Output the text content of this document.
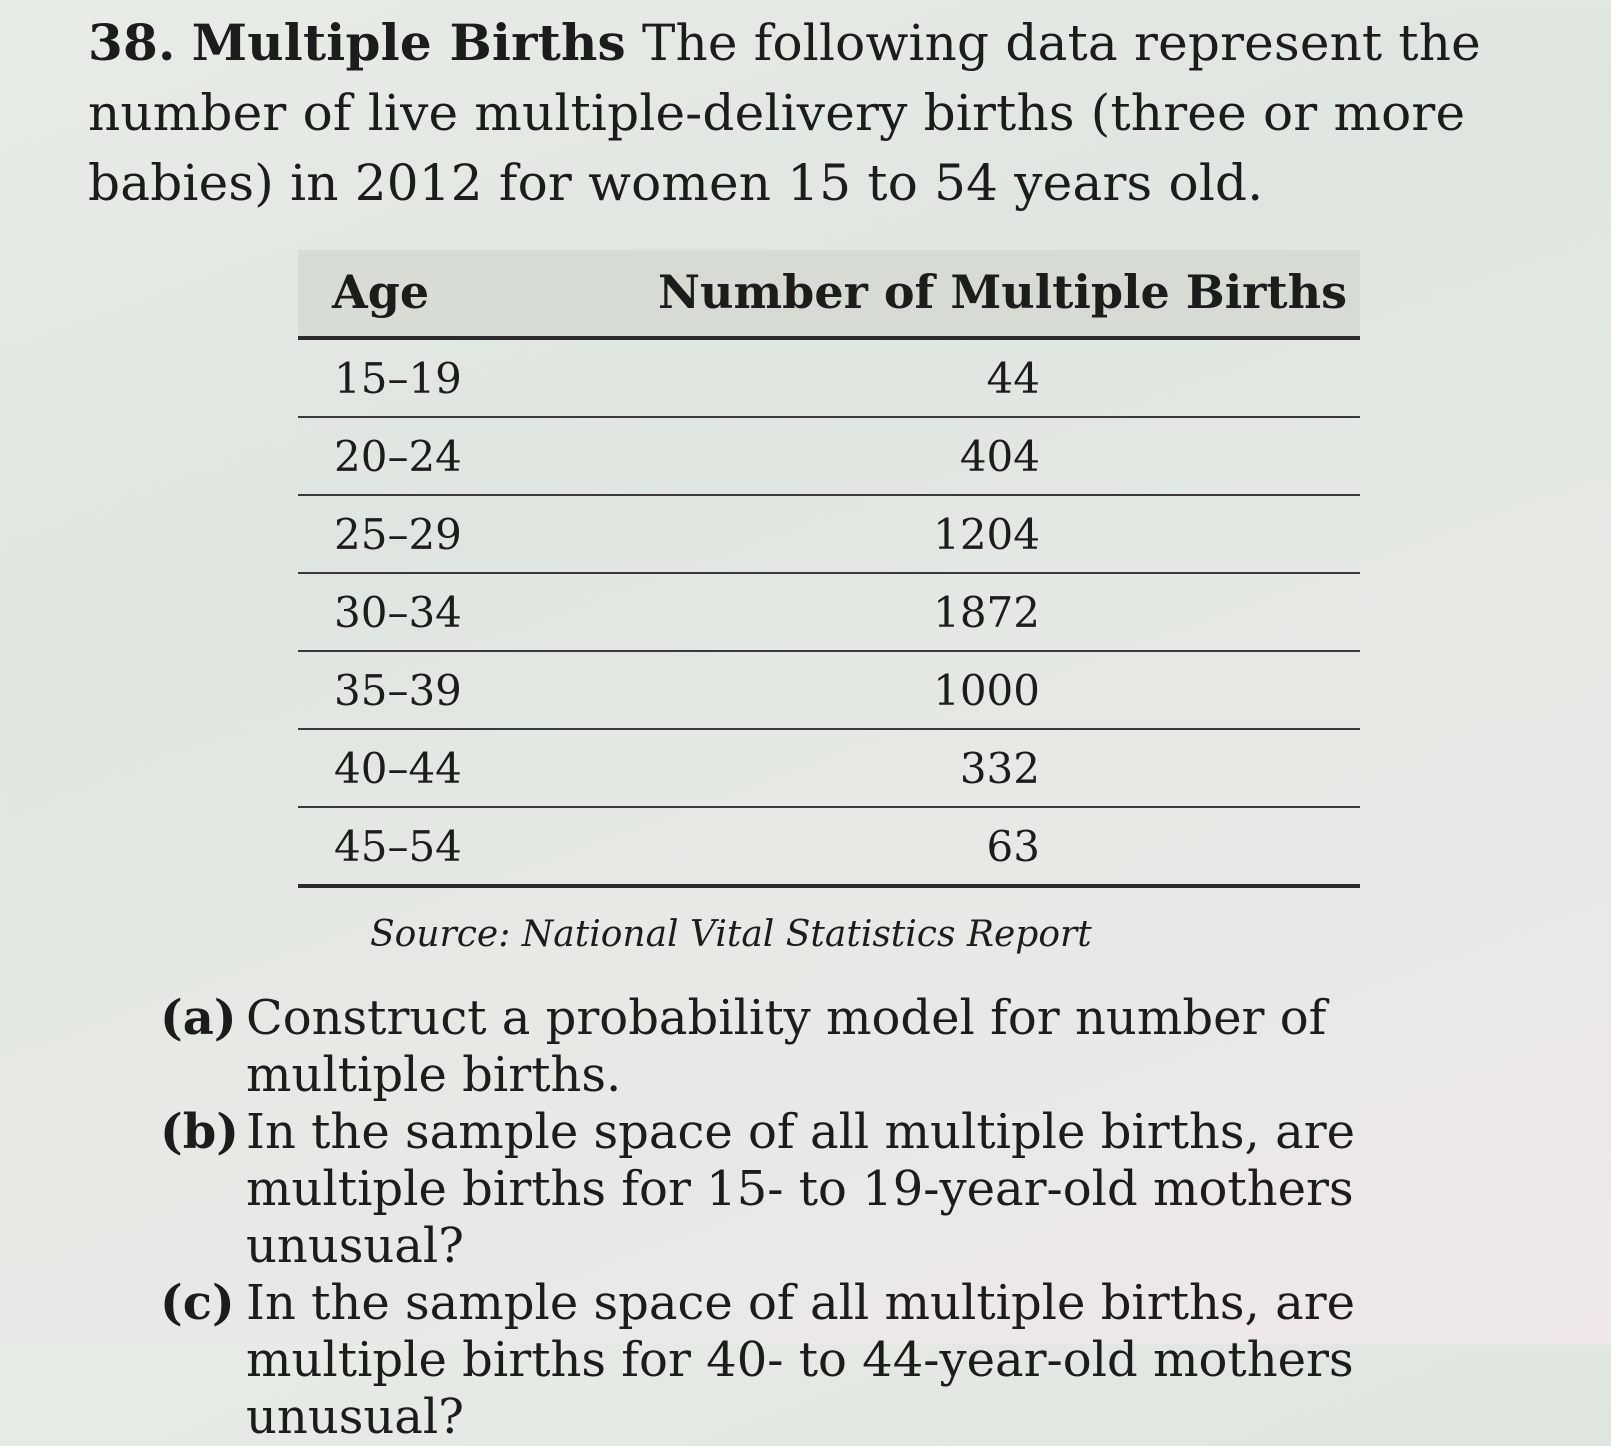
38. Multiple Births The following data represent the number of live multiple-delivery births (three or more babies) in 2012 for women 15 to 54 years old.
Age	Number of Multiple Births
15–19	44
20–24	404
25–29	1204
30–34	1872
35–39	1000
40–44	332
45–54	63
Source: National Vital Statistics Report
(a) Construct a probability model for number of multiple births.
(b) In the sample space of all multiple births, are multiple births for 15- to 19-year-old mothers unusual?
(c) In the sample space of all multiple births, are multiple births for 40- to 44-year-old mothers unusual?
